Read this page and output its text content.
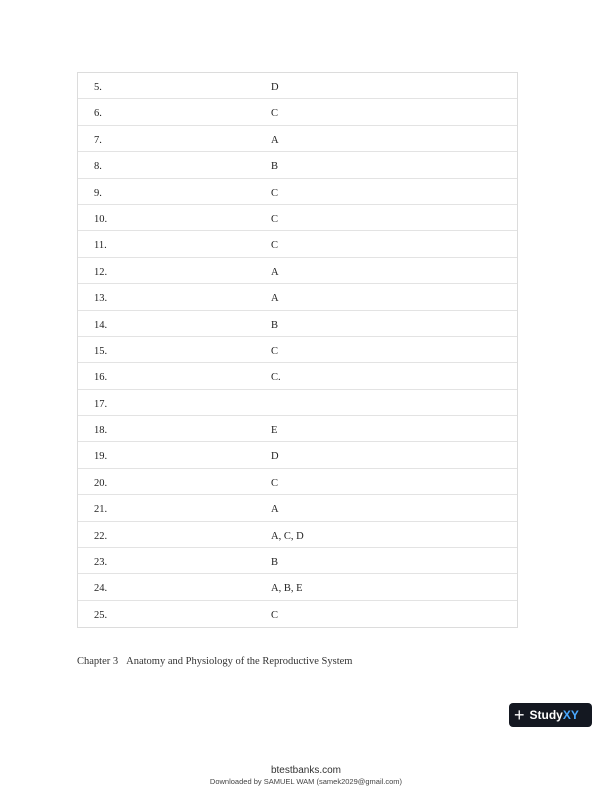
5.	D
6.	C
7.	A
8.	B
9.	C
10.	C
11.	C
12.	A
13.	A
14.	B
15.	C
16.	C.
17.
18.	E
19.	D
20.	C
21.	A
22.	A, C, D
23.	B
24.	A, B, E
25.	C
Chapter 3 Anatomy and Physiology of the Reproductive System
+ Study XY
btestbanks.com
Downloaded by SAMUEL WAM (samek2029@gmail.com)
